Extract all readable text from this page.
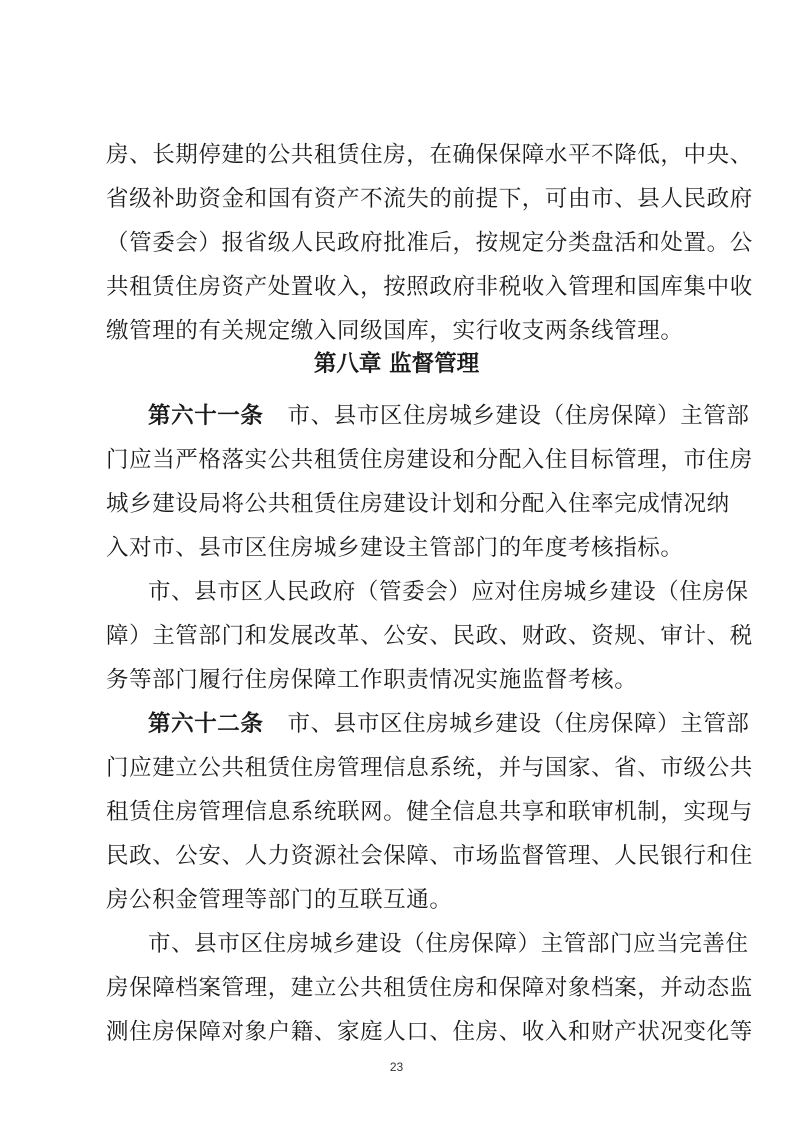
房、长期停建的公共租赁住房，在确保保障水平不降低，中央、
省级补助资金和国有资产不流失的前提下，可由市、县人民政府
（管委会）报省级人民政府批准后，按规定分类盘活和处置。公
共租赁住房资产处置收入，按照政府非税收入管理和国库集中收
缴管理的有关规定缴入同级国库，实行收支两条线管理。
第八章 监督管理
第六十一条 市、县市区住房城乡建设（住房保障）主管部
门应当严格落实公共租赁住房建设和分配入住目标管理，市住房
城乡建设局将公共租赁住房建设计划和分配入住率完成情况纳
入对市、县市区住房城乡建设主管部门的年度考核指标。
市、县市区人民政府（管委会）应对住房城乡建设（住房保
障）主管部门和发展改革、公安、民政、财政、资规、审计、税
务等部门履行住房保障工作职责情况实施监督考核。
第六十二条 市、县市区住房城乡建设（住房保障）主管部
门应建立公共租赁住房管理信息系统，并与国家、省、市级公共
租赁住房管理信息系统联网。健全信息共享和联审机制，实现与
民政、公安、人力资源社会保障、市场监督管理、人民银行和住
房公积金管理等部门的互联互通。
市、县市区住房城乡建设（住房保障）主管部门应当完善住
房保障档案管理，建立公共租赁住房和保障对象档案，并动态监
测住房保障对象户籍、家庭人口、住房、收入和财产状况变化等
23
